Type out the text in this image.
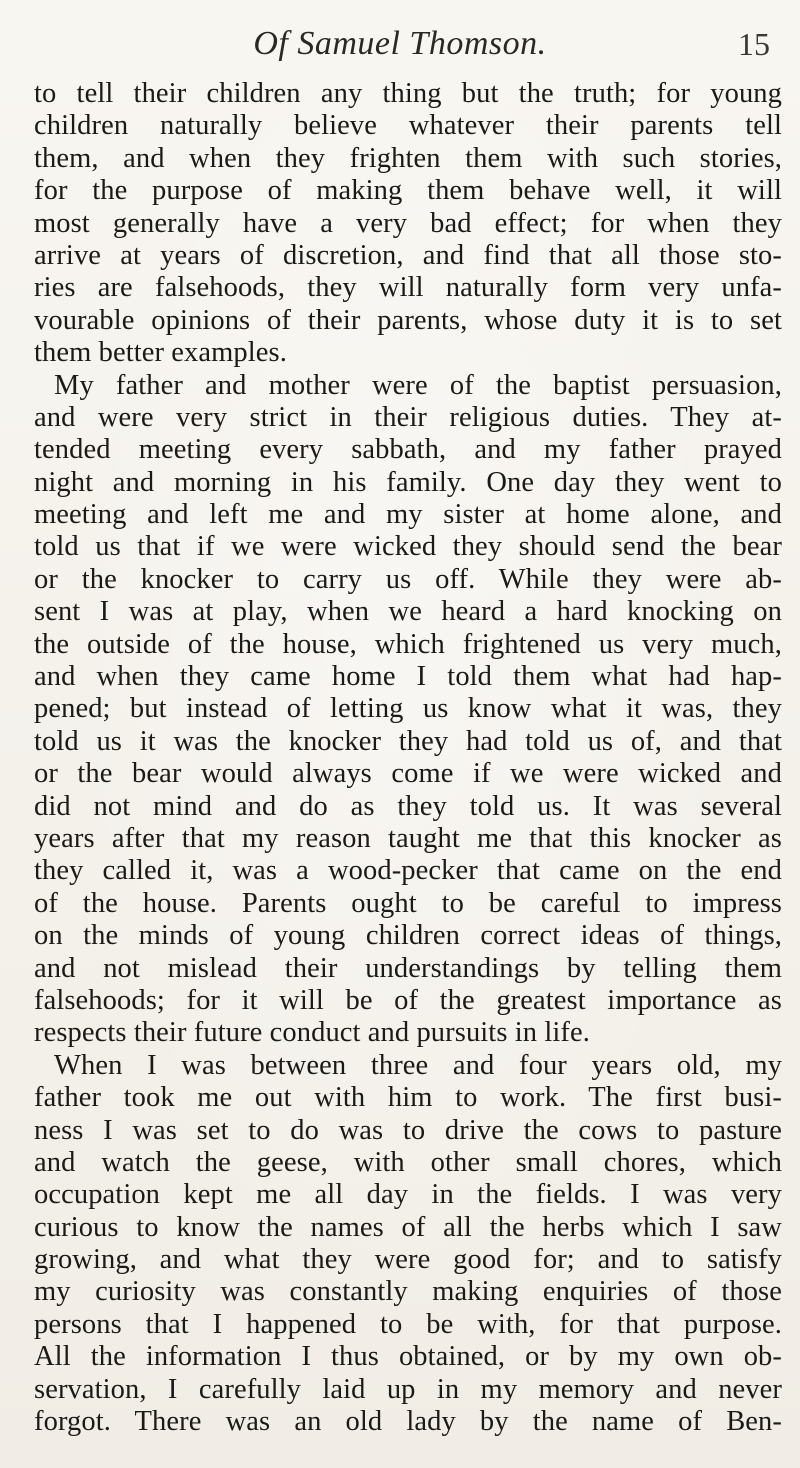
Of Samuel Thomson.	15
to tell their children any thing but the truth; for young
children naturally believe whatever their parents tell
them, and when they frighten them with such stories,
for the purpose of making them behave well, it will
most generally have a very bad effect; for when they
arrive at years of discretion, and find that all those sto-
ries are falsehoods, they will naturally form very unfa-
vourable opinions of their parents, whose duty it is to set
them better examples.
My father and mother were of the baptist persuasion,
and were very strict in their religious duties. They at-
tended meeting every sabbath, and my father prayed
night and morning in his family. One day they went to
meeting and left me and my sister at home alone, and
told us that if we were wicked they should send the bear
or the knocker to carry us off. While they were ab-
sent I was at play, when we heard a hard knocking on
the outside of the house, which frightened us very much,
and when they came home I told them what had hap-
pened; but instead of letting us know what it was, they
told us it was the knocker they had told us of, and that
or the bear would always come if we were wicked and
did not mind and do as they told us. It was several
years after that my reason taught me that this knocker as
they called it, was a wood-pecker that came on the end
of the house. Parents ought to be careful to impress
on the minds of young children correct ideas of things,
and not mislead their understandings by telling them
falsehoods; for it will be of the greatest importance as
respects their future conduct and pursuits in life.
When I was between three and four years old, my
father took me out with him to work. The first busi-
ness I was set to do was to drive the cows to pasture
and watch the geese, with other small chores, which
occupation kept me all day in the fields. I was very
curious to know the names of all the herbs which I saw
growing, and what they were good for; and to satisfy
my curiosity was constantly making enquiries of those
persons that I happened to be with, for that purpose.
All the information I thus obtained, or by my own ob-
servation, I carefully laid up in my memory and never
forgot. There was an old lady by the name of Ben-
